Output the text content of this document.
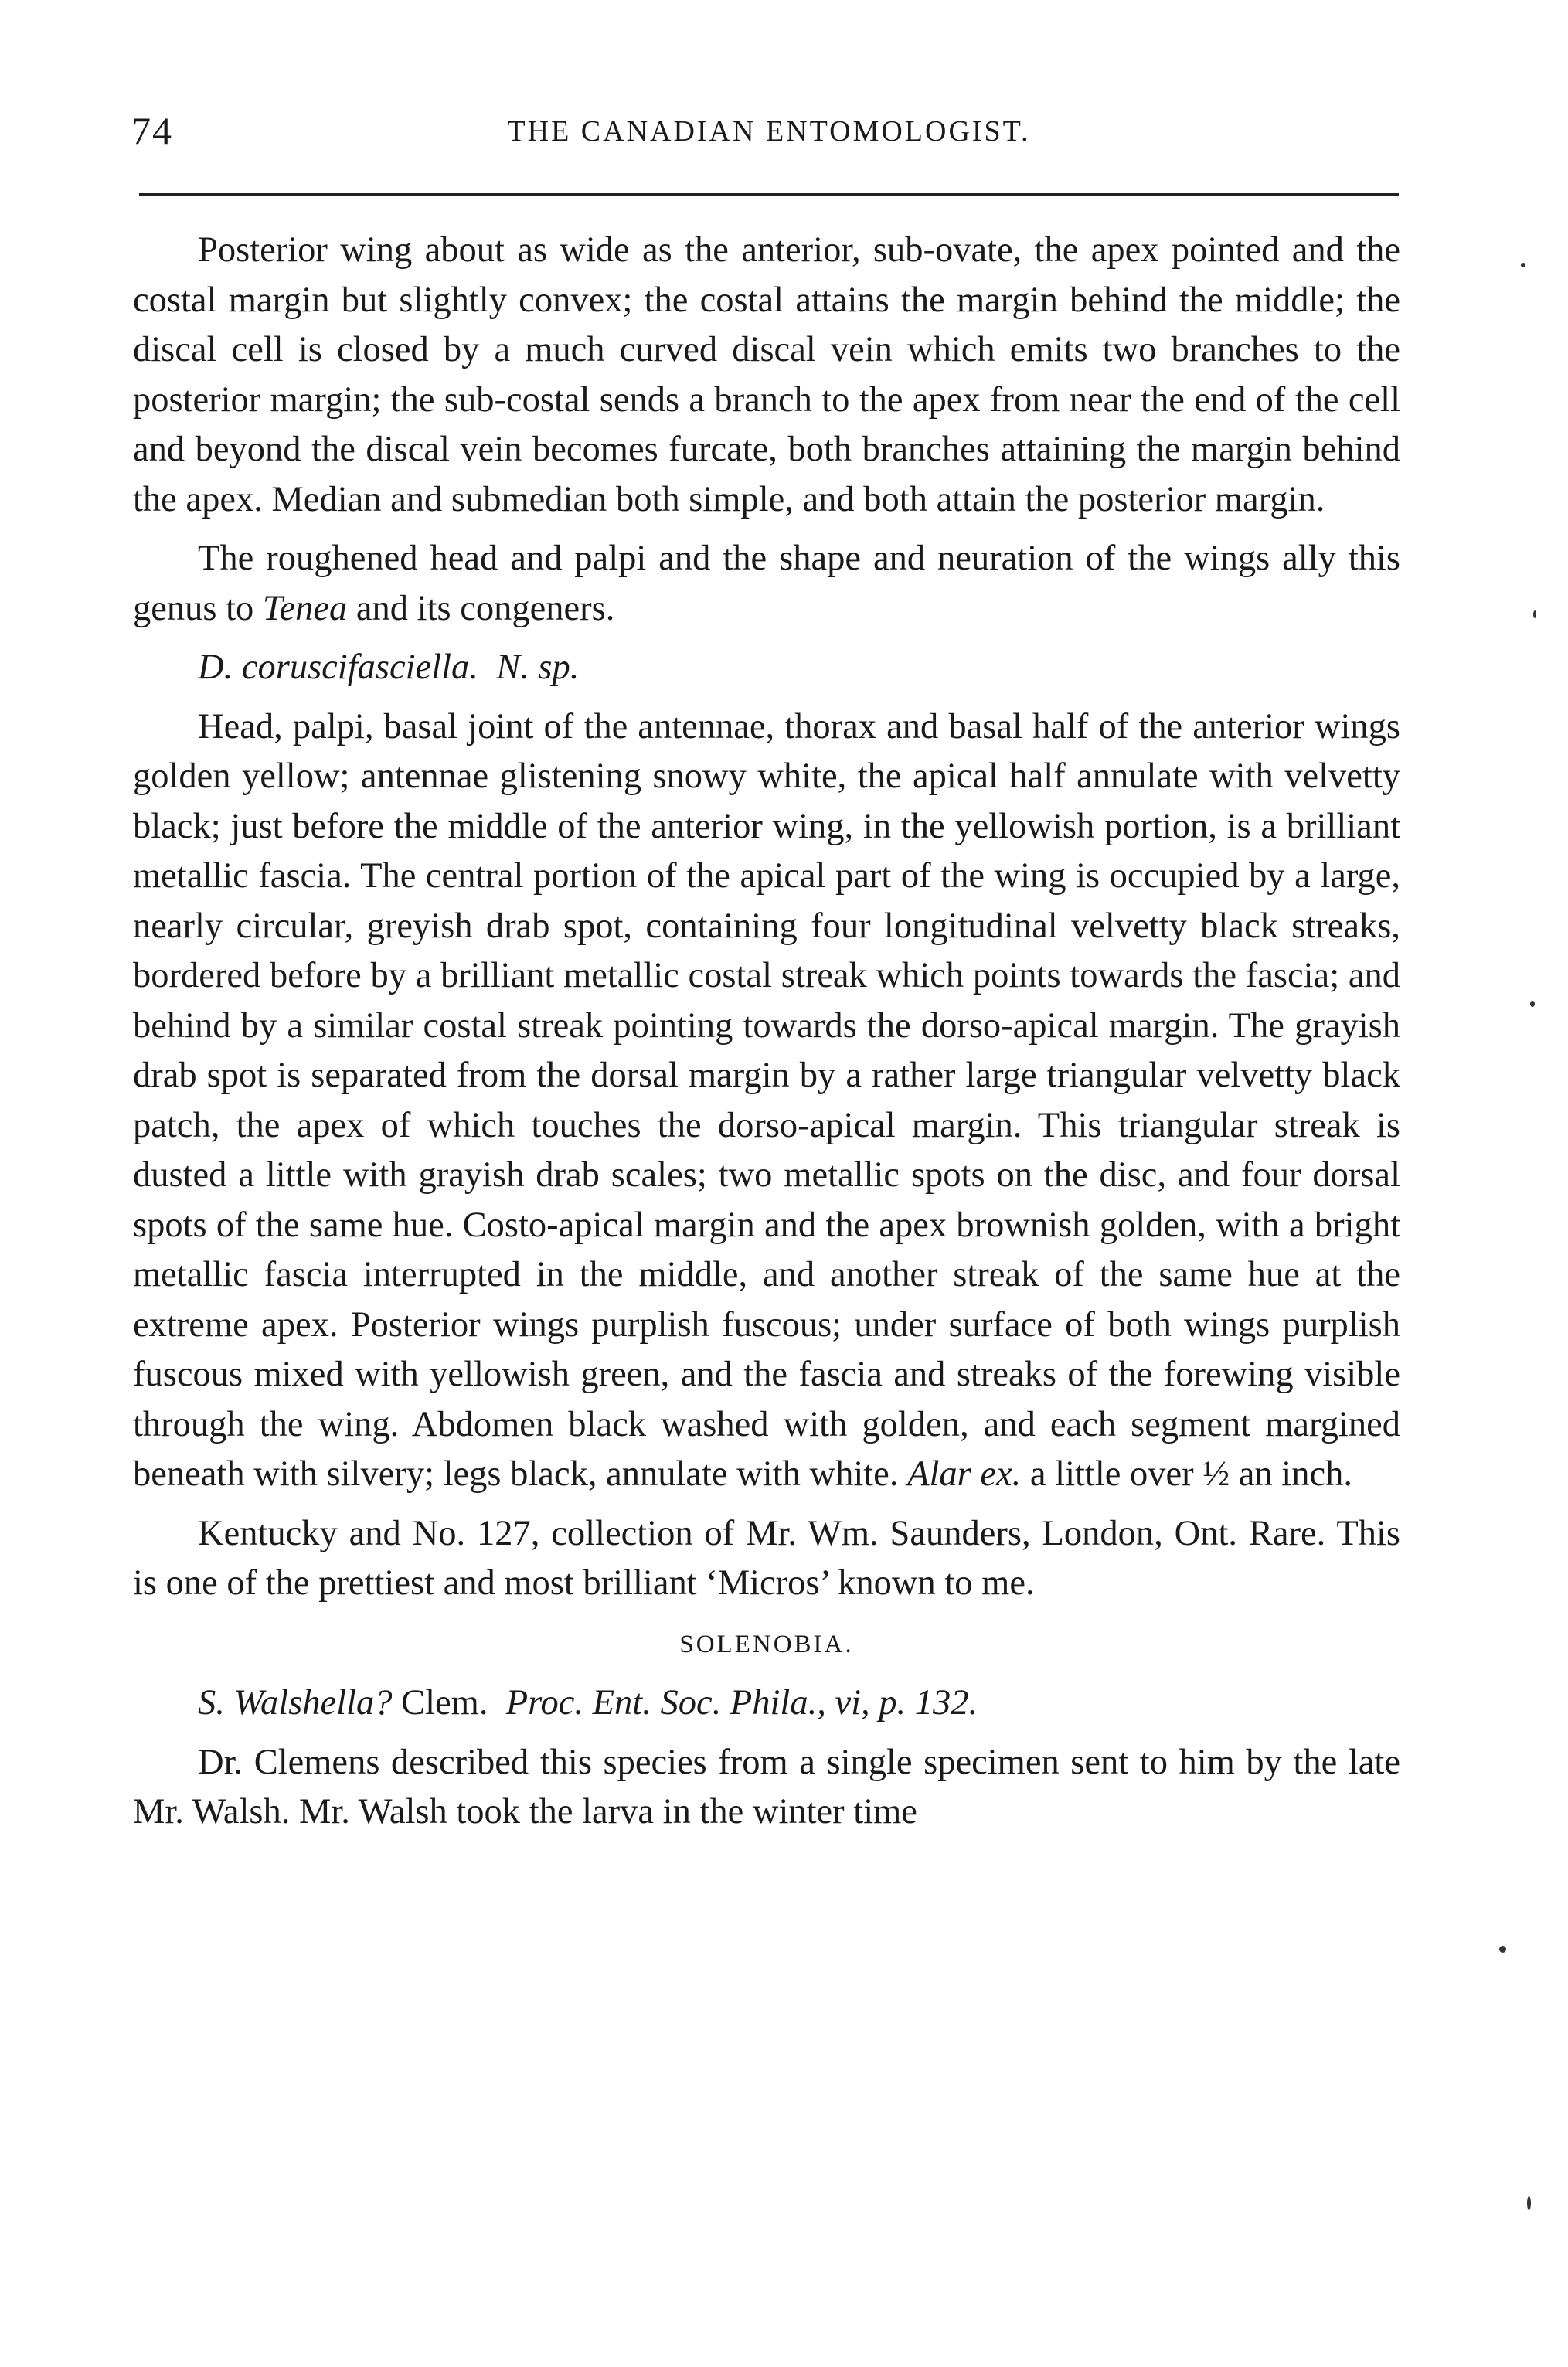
74	THE CANADIAN ENTOMOLOGIST.

Posterior wing about as wide as the anterior, sub-ovate, the apex pointed and the costal margin but slightly convex; the costal attains the margin behind the middle; the discal cell is closed by a much curved discal vein which emits two branches to the posterior margin; the sub-costal sends a branch to the apex from near the end of the cell and beyond the discal vein becomes furcate, both branches attaining the margin behind the apex. Median and submedian both simple, and both attain the posterior margin.

The roughened head and palpi and the shape and neuration of the wings ally this genus to Tenea and its congeners.

D. coruscifasciella. N. sp.

Head, palpi, basal joint of the antennae, thorax and basal half of the anterior wings golden yellow; antennae glistening snowy white, the apical half annulate with velvetty black; just before the middle of the anterior wing, in the yellowish portion, is a brilliant metallic fascia. The central portion of the apical part of the wing is occupied by a large, nearly circular, greyish drab spot, containing four longitudinal velvetty black streaks, bordered before by a brilliant metallic costal streak which points towards the fascia; and behind by a similar costal streak pointing towards the dorso-apical margin. The grayish drab spot is separated from the dorsal margin by a rather large triangular velvetty black patch, the apex of which touches the dorso-apical margin. This triangular streak is dusted a little with grayish drab scales; two metallic spots on the disc, and four dorsal spots of the same hue. Costo-apical margin and the apex brownish golden, with a bright metallic fascia interrupted in the middle, and another streak of the same hue at the extreme apex. Posterior wings purplish fuscous; under surface of both wings purplish fuscous mixed with yellowish green, and the fascia and streaks of the forewing visible through the wing. Abdomen black washed with golden, and each segment margined beneath with silvery; legs black, annulate with white. Alar ex. a little over ½ an inch.

Kentucky and No. 127, collection of Mr. Wm. Saunders, London, Ont. Rare. This is one of the prettiest and most brilliant ‘Micros’ known to me.

SOLENOBIA.

S. Walshella? Clem. Proc. Ent. Soc. Phila., vi, p. 132.

Dr. Clemens described this species from a single specimen sent to him by the late Mr. Walsh. Mr. Walsh took the larva in the winter time
